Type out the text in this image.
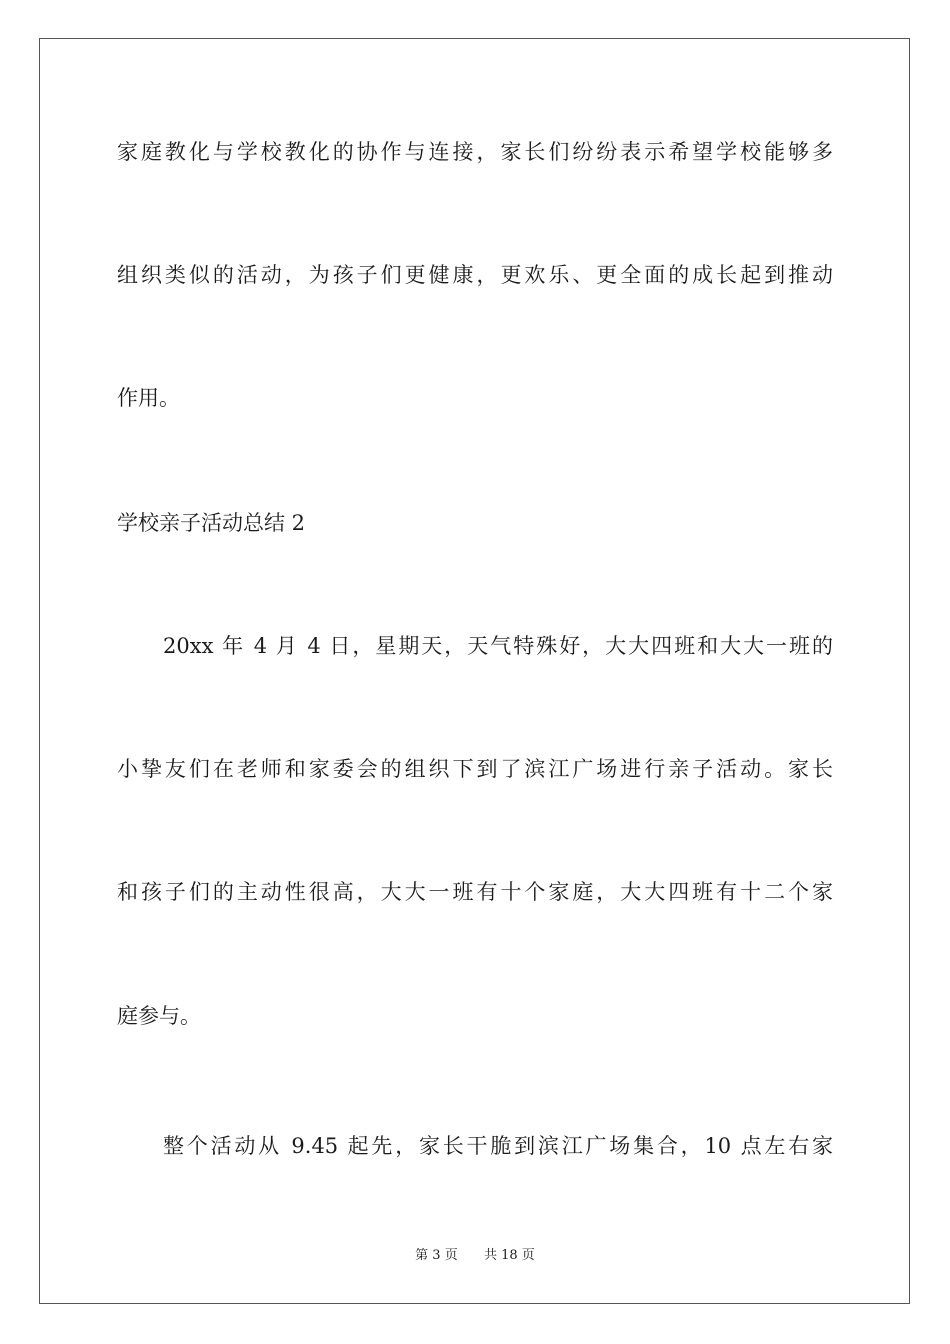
家庭教化与学校教化的协作与连接，家长们纷纷表示希望学校能够多

组织类似的活动，为孩子们更健康，更欢乐、更全面的成长起到推动

作用。

学校亲子活动总结 2

20xx 年 4 月 4 日，星期天，天气特殊好，大大四班和大大一班的

小挚友们在老师和家委会的组织下到了滨江广场进行亲子活动。家长

和孩子们的主动性很高，大大一班有十个家庭，大大四班有十二个家

庭参与。

整个活动从 9.45 起先，家长干脆到滨江广场集合，10 点左右家

第 3 页 共 18 页
